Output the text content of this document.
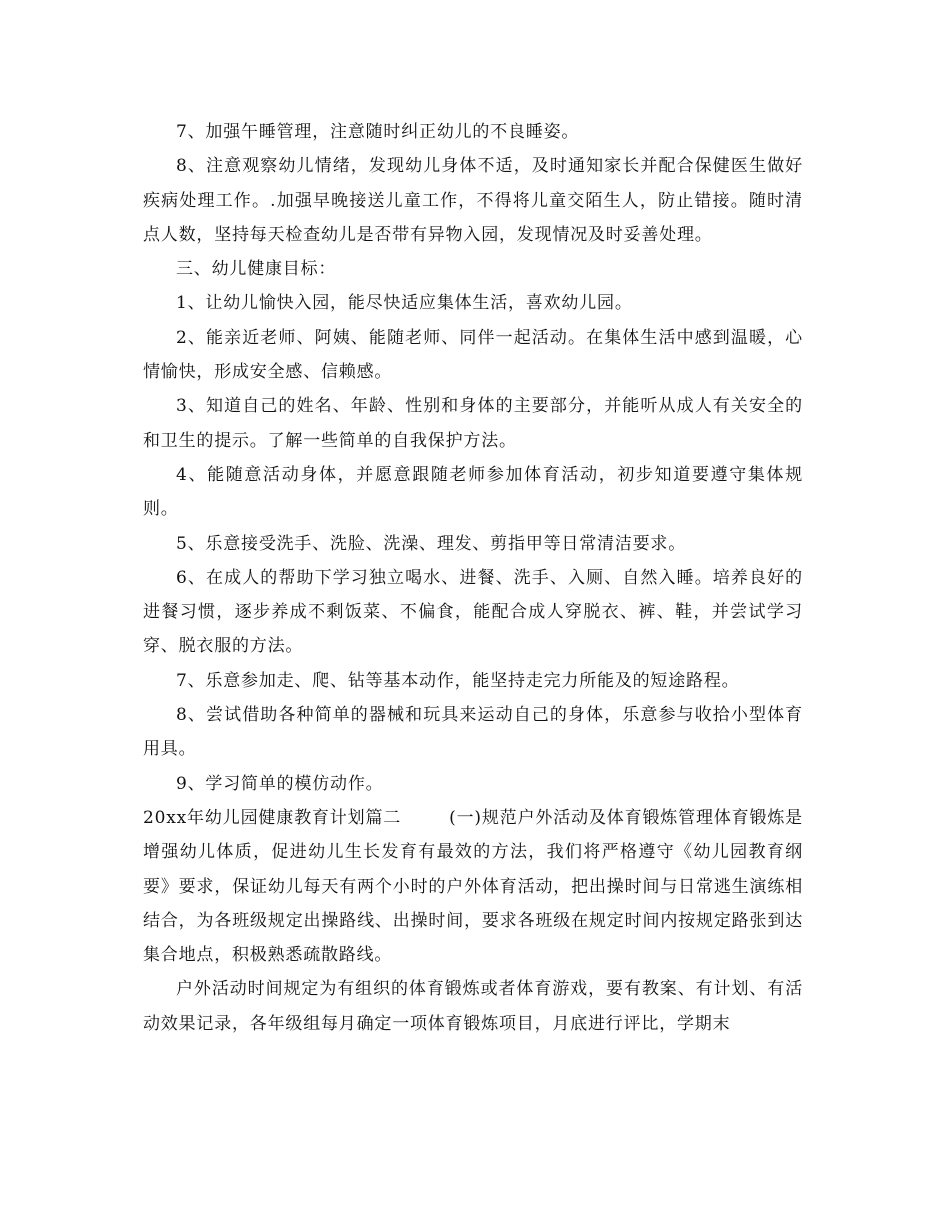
7、加强午睡管理，注意随时纠正幼儿的不良睡姿。

8、注意观察幼儿情绪，发现幼儿身体不适，及时通知家长并配合保健医生做好疾病处理工作。.加强早晚接送儿童工作，不得将儿童交陌生人，防止错接。随时清点人数，坚持每天检查幼儿是否带有异物入园，发现情况及时妥善处理。

三、幼儿健康目标：

1、让幼儿愉快入园，能尽快适应集体生活，喜欢幼儿园。

2、能亲近老师、阿姨、能随老师、同伴一起活动。在集体生活中感到温暖，心情愉快，形成安全感、信赖感。

3、知道自己的姓名、年龄、性别和身体的主要部分，并能听从成人有关安全的和卫生的提示。了解一些简单的自我保护方法。

4、能随意活动身体，并愿意跟随老师参加体育活动，初步知道要遵守集体规则。

5、乐意接受洗手、洗脸、洗澡、理发、剪指甲等日常清洁要求。

6、在成人的帮助下学习独立喝水、进餐、洗手、入厕、自然入睡。培养良好的进餐习惯，逐步养成不剩饭菜、不偏食，能配合成人穿脱衣、裤、鞋，并尝试学习穿、脱衣服的方法。

7、乐意参加走、爬、钻等基本动作，能坚持走完力所能及的短途路程。

8、尝试借助各种简单的器械和玩具来运动自己的身体，乐意参与收拾小型体育用具。

9、学习简单的模仿动作。

20xx年幼儿园健康教育计划篇二	(一)规范户外活动及体育锻炼管理体育锻炼是增强幼儿体质，促进幼儿生长发育有最效的方法，我们将严格遵守《幼儿园教育纲要》要求，保证幼儿每天有两个小时的户外体育活动，把出操时间与日常逃生演练相结合，为各班级规定出操路线、出操时间，要求各班级在规定时间内按规定路张到达集合地点，积极熟悉疏散路线。

户外活动时间规定为有组织的体育锻炼或者体育游戏，要有教案、有计划、有活动效果记录，各年级组每月确定一项体育锻炼项目，月底进行评比，学期末
